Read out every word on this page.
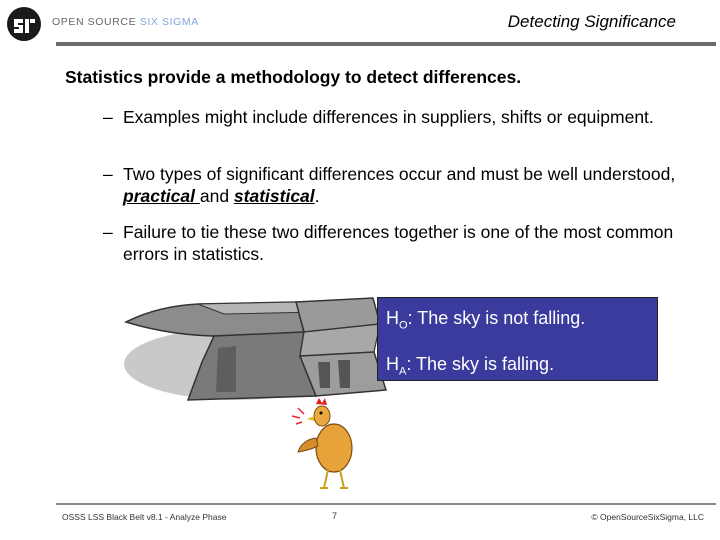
OPEN SOURCE SIX SIGMA	Detecting Significance
Statistics provide a methodology to detect differences.
– Examples might include differences in suppliers, shifts or equipment.
– Two types of significant differences occur and must be well understood, practical and statistical.
– Failure to tie these two differences together is one of the most common errors in statistics.
$H_O$: The sky is not falling.
$H_A$: The sky is falling.
OSSS LSS Black Belt v8.1 - Analyze Phase	7	© OpenSourceSixSigma, LLC
